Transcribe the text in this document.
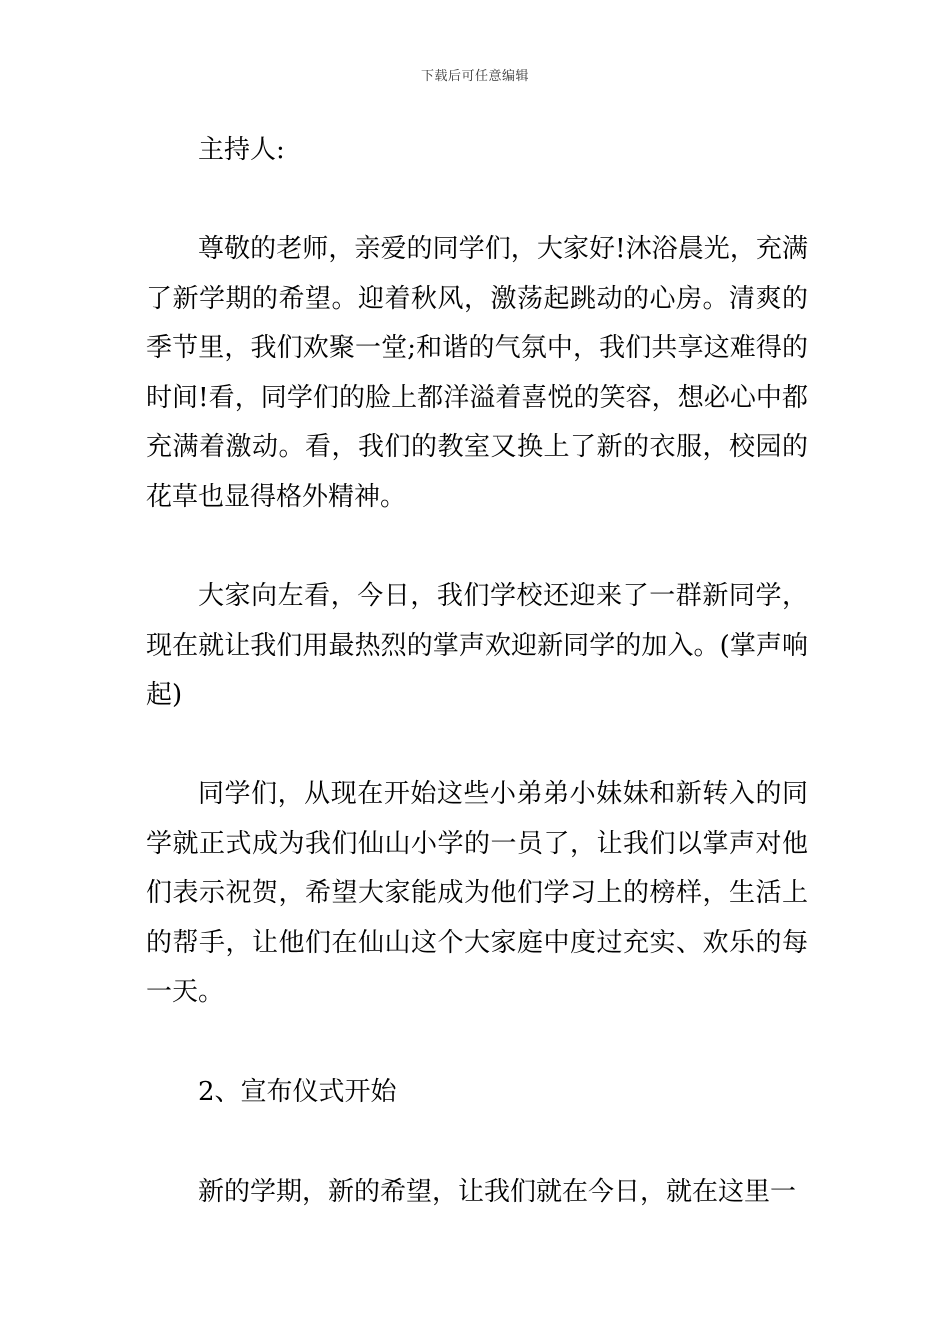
下载后可任意编辑

主持人:

尊敬的老师，亲爱的同学们，大家好!沐浴晨光，充满了新学期的希望。迎着秋风，激荡起跳动的心房。清爽的季节里，我们欢聚一堂;和谐的气氛中，我们共享这难得的时间!看，同学们的脸上都洋溢着喜悦的笑容，想必心中都充满着激动。看，我们的教室又换上了新的衣服，校园的花草也显得格外精神。

大家向左看，今日，我们学校还迎来了一群新同学，现在就让我们用最热烈的掌声欢迎新同学的加入。(掌声响起)

同学们，从现在开始这些小弟弟小妹妹和新转入的同学就正式成为我们仙山小学的一员了，让我们以掌声对他们表示祝贺，希望大家能成为他们学习上的榜样，生活上的帮手，让他们在仙山这个大家庭中度过充实、欢乐的每一天。

2、宣布仪式开始

新的学期，新的希望，让我们就在今日，就在这里一
